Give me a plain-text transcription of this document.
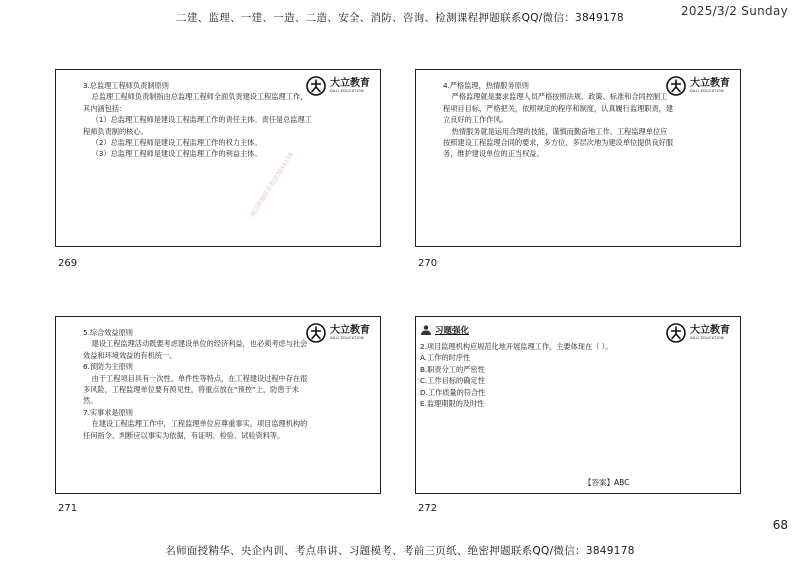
二建、监理、一建、一造、二造、安全、消防、咨询、检测课程押题联系QQ/微信：3849178	2025/3/2 Sunday

3.总监理工程师负责制原则

总监理工程师负责制指由总监理工程师全面负责建设工程监理工作，其内涵包括：

（1）总监理工程师是建设工程监理工作的责任主体。责任是总监理工程师负责制的核心。

（2）总监理工程师是建设工程监理工作的权力主体。

（3）总监理工程师是建设工程监理工作的利益主体。

大立教育
DALI EDUCATION
稍后押题联系微信3849178
269

4.严格监理，热情服务原则

严格监理就是要求监理人员严格按照法规、政策、标准和合同控制工程项目目标，严格把关，依照规定的程序和制度，认真履行监理职责，建立良好的工作作风。

热情服务就是运用合理的技能，谨慎而勤奋地工作。工程监理单位应按照建设工程监理合同的要求，多方位、多层次地为建设单位提供良好服务，维护建设单位的正当权益。

大立教育
DALI EDUCATION
270

5.综合效益原则

建设工程监理活动既要考虑建设单位的经济利益，也必须考虑与社会效益和环境效益的有机统一。

6.预防为主原则

由于工程项目具有一次性、单件性等特点，在工程建设过程中存在很多风险，工程监理单位要有预见性，将重点放在“预控”上，防患于未然。

7.实事求是原则

在建设工程监理工作中，工程监理单位应尊重事实。项目监理机构的任何指令、判断应以事实为依据，有证明、检验、试验资料等。

大立教育
DALI EDUCATION
271
习题强化	大立教育
DALI EDUCATION

2.项目监理机构应规范化地开展监理工作，主要体现在（ ）。

A.工作的时序性

B.职责分工的严密性

C.工作目标的确定性

D.工作质量的符合性

E.监理期限的及时性

【答案】ABC
272
68
名师面授精华、央企内训、考点串讲、习题模考、考前三页纸、绝密押题联系QQ/微信：3849178
